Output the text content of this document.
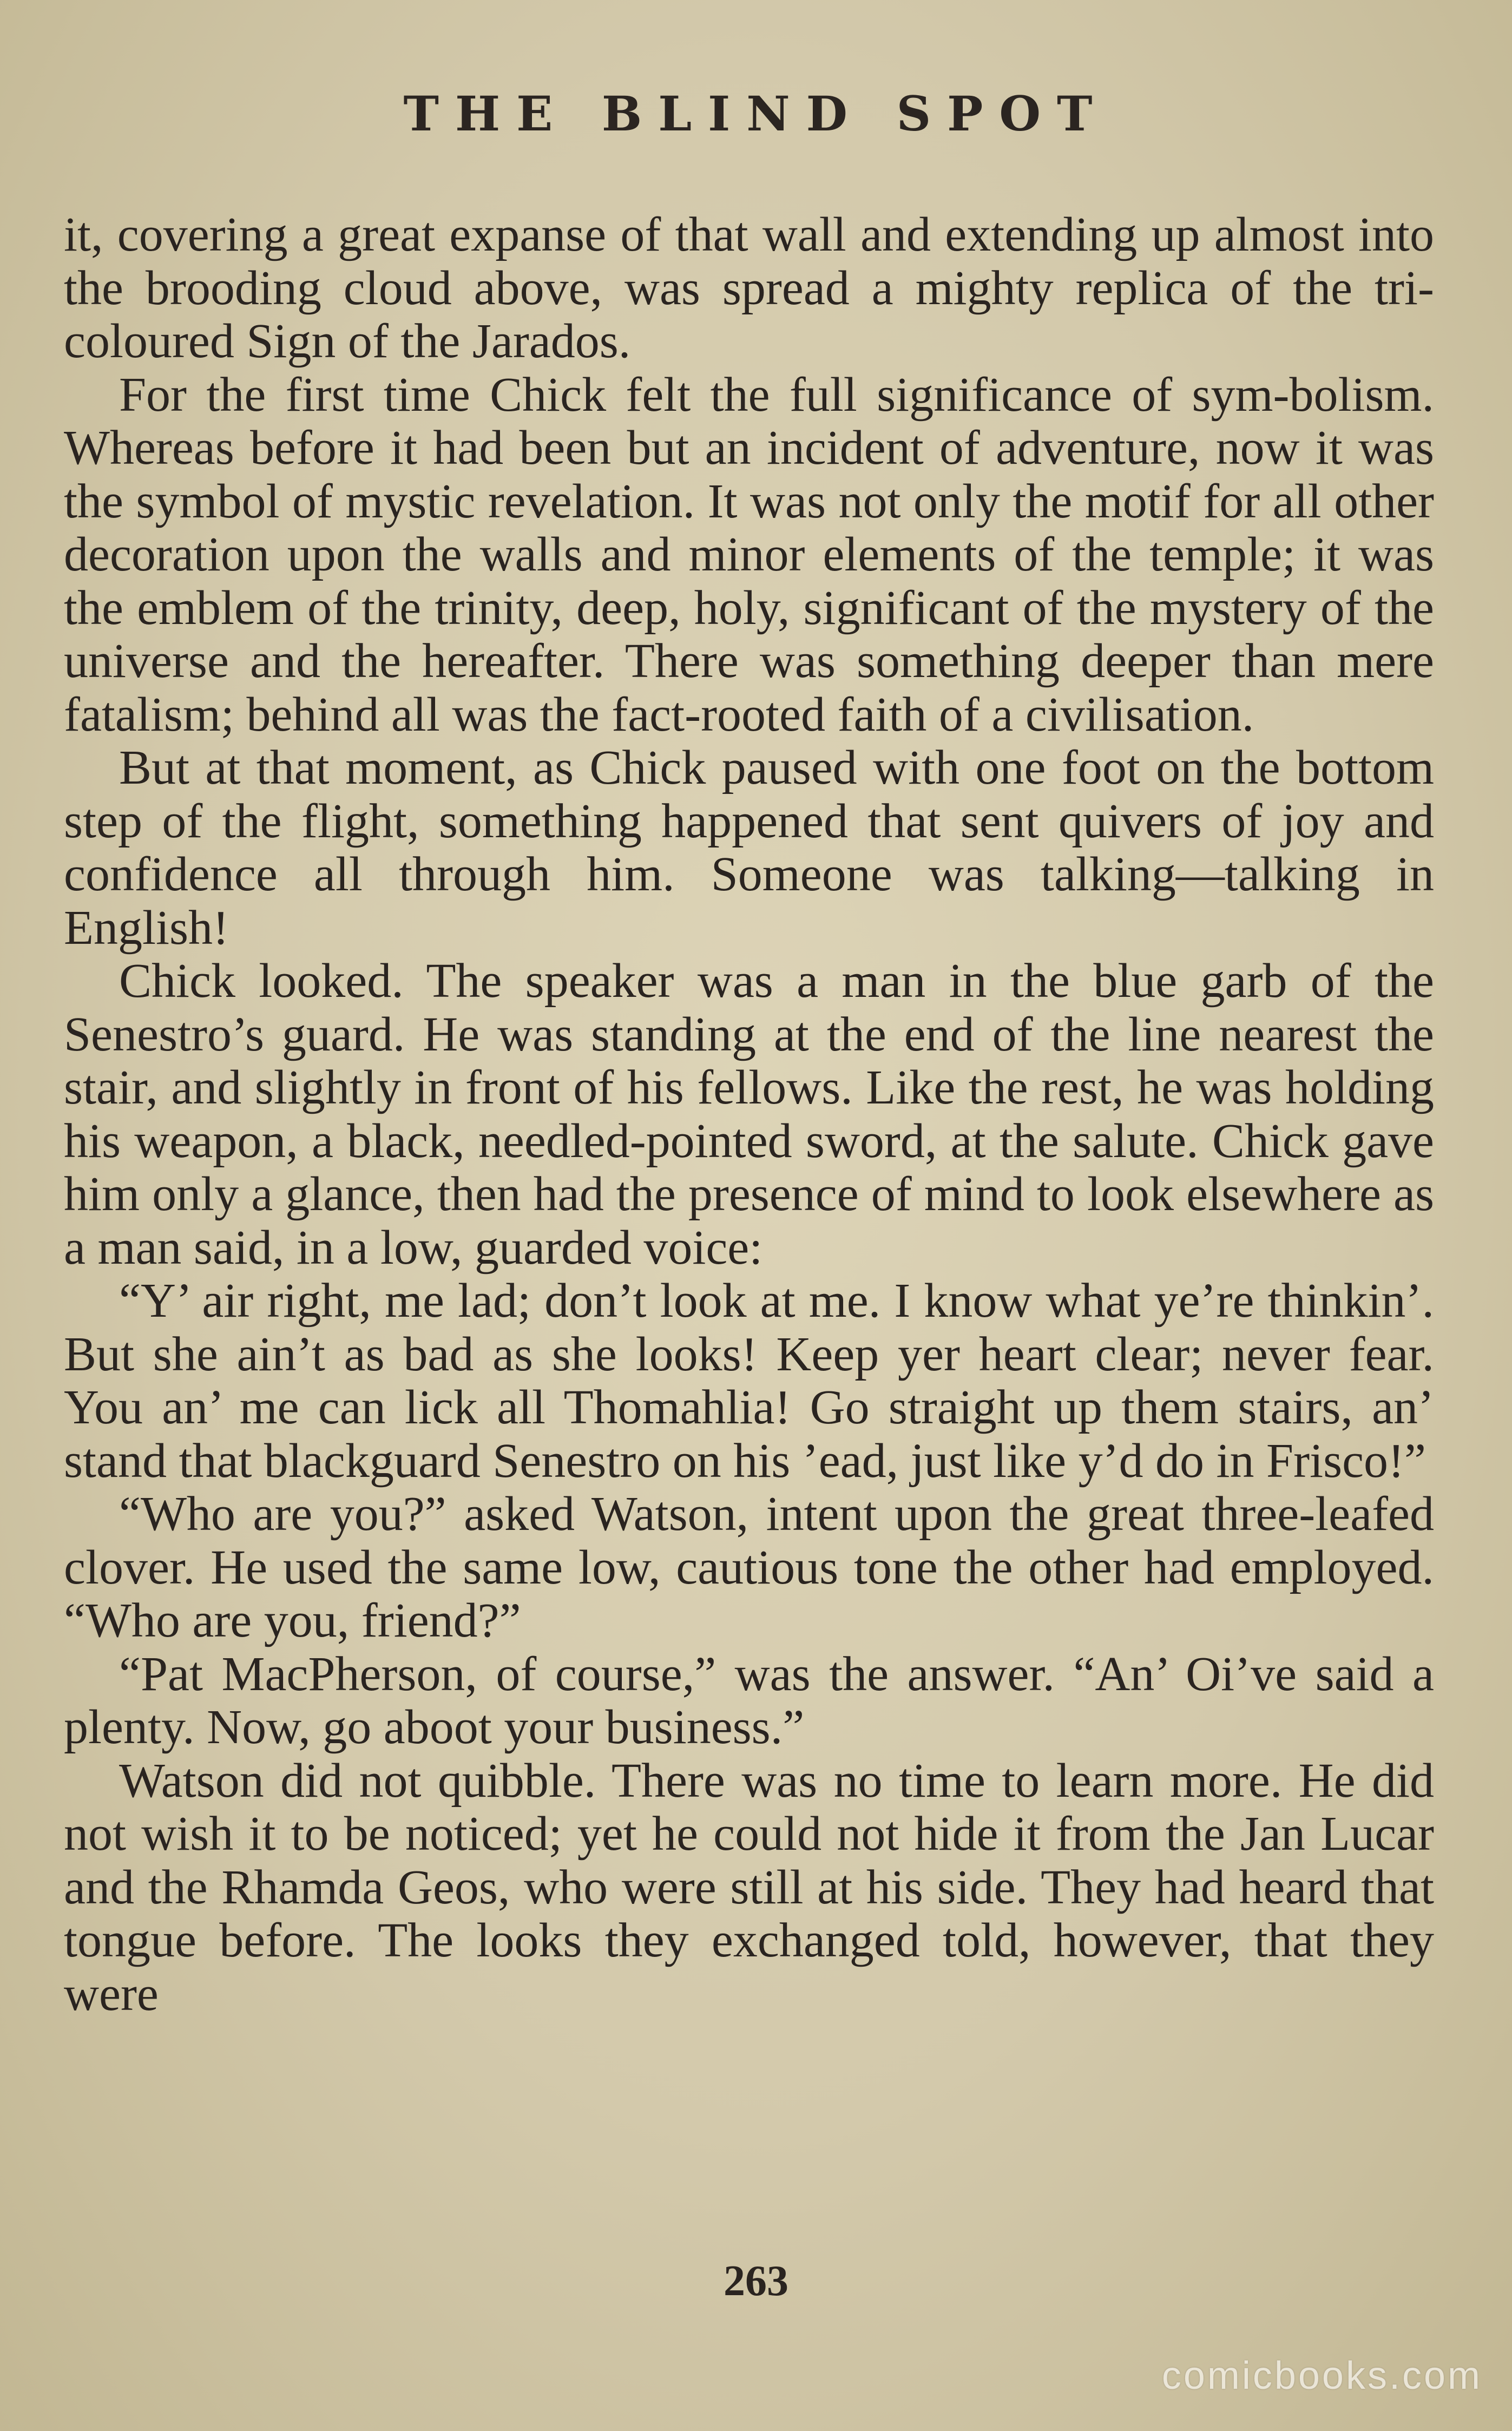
THE BLIND SPOT

it, covering a great expanse of that wall and extending up almost into the brooding cloud above, was spread a mighty replica of the tri-coloured Sign of the Jarados.

For the first time Chick felt the full significance of sym-bolism. Whereas before it had been but an incident of adventure, now it was the symbol of mystic revelation. It was not only the motif for all other decoration upon the walls and minor elements of the temple; it was the emblem of the trinity, deep, holy, significant of the mystery of the universe and the hereafter. There was something deeper than mere fatalism; behind all was the fact-rooted faith of a civilisation.

But at that moment, as Chick paused with one foot on the bottom step of the flight, something happened that sent quivers of joy and confidence all through him. Someone was talking—talking in English!

Chick looked. The speaker was a man in the blue garb of the Senestro’s guard. He was standing at the end of the line nearest the stair, and slightly in front of his fellows. Like the rest, he was holding his weapon, a black, needled-pointed sword, at the salute. Chick gave him only a glance, then had the presence of mind to look elsewhere as a man said, in a low, guarded voice:

“Y’ air right, me lad; don’t look at me. I know what ye’re thinkin’. But she ain’t as bad as she looks! Keep yer heart clear; never fear. You an’ me can lick all Thomahlia! Go straight up them stairs, an’ stand that blackguard Senestro on his ’ead, just like y’d do in Frisco!”

“Who are you?” asked Watson, intent upon the great three-leafed clover. He used the same low, cautious tone the other had employed. “Who are you, friend?”

“Pat MacPherson, of course,” was the answer. “An’ Oi’ve said a plenty. Now, go aboot your business.”

Watson did not quibble. There was no time to learn more. He did not wish it to be noticed; yet he could not hide it from the Jan Lucar and the Rhamda Geos, who were still at his side. They had heard that tongue before. The looks they exchanged told, however, that they were

263
comicbooks.com
